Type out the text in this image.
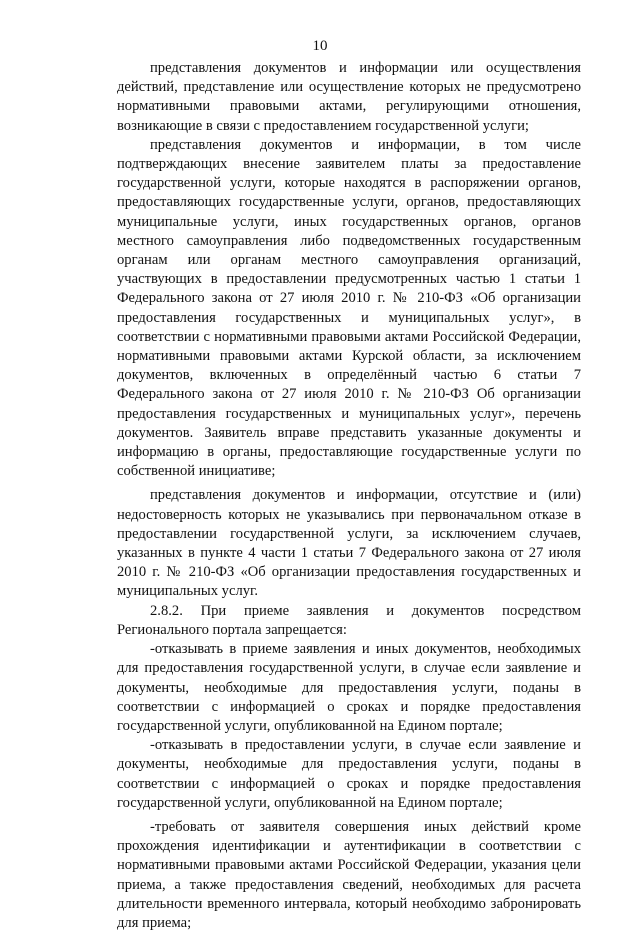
10

представления документов и информации или осуществления действий, представление или осуществление которых не предусмотрено нормативными правовыми актами, регулирующими отношения, возникающие в связи с предоставлением государственной услуги;

представления документов и информации, в том числе подтверждающих внесение заявителем платы за предоставление государственной услуги, которые находятся в распоряжении органов, предоставляющих государственные услуги, органов, предоставляющих муниципальные услуги, иных государственных органов, органов местного самоуправления либо подведомственных государственным органам или органам местного самоуправления организаций, участвующих в предоставлении предусмотренных частью 1 статьи 1 Федерального закона от 27 июля 2010 г. № 210-ФЗ «Об организации предоставления государственных и муниципальных услуг», в соответствии с нормативными правовыми актами Российской Федерации, нормативными правовыми актами Курской области, за исключением документов, включенных в определённый частью 6 статьи 7 Федерального закона от 27 июля 2010 г. № 210-ФЗ Об организации предоставления государственных и муниципальных услуг», перечень документов. Заявитель вправе представить указанные документы и информацию в органы, предоставляющие государственные услуги по собственной инициативе;

представления документов и информации, отсутствие и (или) недостоверность которых не указывались при первоначальном отказе в предоставлении государственной услуги, за исключением случаев, указанных в пункте 4 части 1 статьи 7 Федерального закона от 27 июля 2010 г. № 210-ФЗ «Об организации предоставления государственных и муниципальных услуг.

2.8.2. При приеме заявления и документов посредством Регионального портала запрещается:

-отказывать в приеме заявления и иных документов, необходимых для предоставления государственной услуги, в случае если заявление и документы, необходимые для предоставления услуги, поданы в соответствии с информацией о сроках и порядке предоставления государственной услуги, опубликованной на Едином портале;

-отказывать в предоставлении услуги, в случае если заявление и документы, необходимые для предоставления услуги, поданы в соответствии с информацией о сроках и порядке предоставления государственной услуги, опубликованной на Едином портале;

-требовать от заявителя совершения иных действий кроме прохождения идентификации и аутентификации в соответствии с нормативными правовыми актами Российской Федерации, указания цели приема, а также предоставления сведений, необходимых для расчета длительности временного интервала, который необходимо забронировать для приема;
